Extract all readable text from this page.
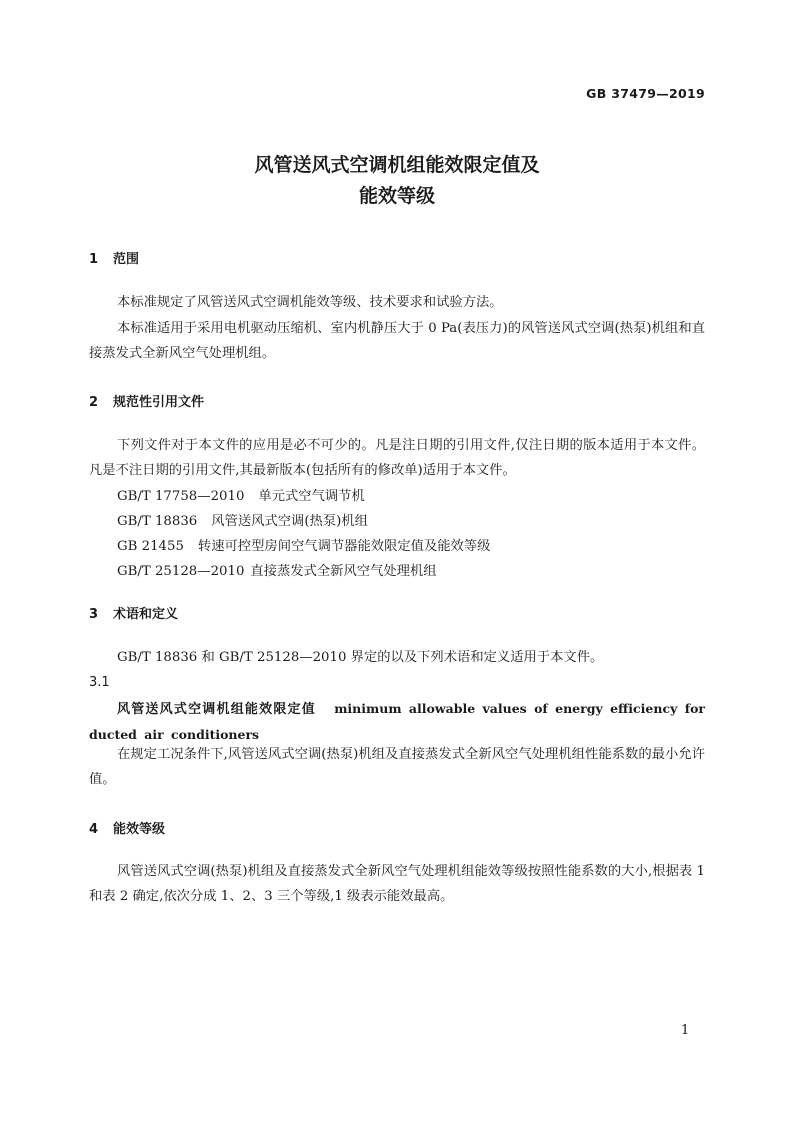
GB 37479—2019
风管送风式空调机组能效限定值及
能效等级
1 范围
本标准规定了风管送风式空调机能效等级、技术要求和试验方法。
本标准适用于采用电机驱动压缩机、室内机静压大于 0 Pa(表压力)的风管送风式空调(热泵)机组和直接蒸发式全新风空气处理机组。
2 规范性引用文件
下列文件对于本文件的应用是必不可少的。凡是注日期的引用文件,仅注日期的版本适用于本文件。凡是不注日期的引用文件,其最新版本(包括所有的修改单)适用于本文件。
GB/T 17758—2010 单元式空气调节机
GB/T 18836 风管送风式空调(热泵)机组
GB 21455 转速可控型房间空气调节器能效限定值及能效等级
GB/T 25128—2010 直接蒸发式全新风空气处理机组
3 术语和定义
GB/T 18836 和 GB/T 25128—2010 界定的以及下列术语和定义适用于本文件。
3.1
风管送风式空调机组能效限定值 minimum allowable values of energy efficiency for ducted air conditioners
在规定工况条件下,风管送风式空调(热泵)机组及直接蒸发式全新风空气处理机组性能系数的最小允许值。
4 能效等级
风管送风式空调(热泵)机组及直接蒸发式全新风空气处理机组能效等级按照性能系数的大小,根据表 1 和表 2 确定,依次分成 1、2、3 三个等级,1 级表示能效最高。
1
